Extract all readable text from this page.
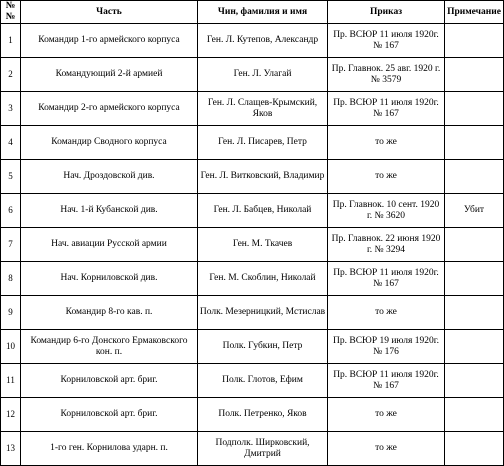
№№	Часть	Чин, фамилия и имя	Приказ	Примечание
1	Командир 1-го армейского корпуса	Ген. Л. Кутепов, Александр	Пр. ВСЮР 11 июля 1920г. № 167	
2	Командующий 2-й армией	Ген. Л. Улагай	Пр. Главнок. 25 авг. 1920 г. № 3579	
3	Командир 2-го армейского корпуса	Ген. Л. Слащев-Крымский, Яков	Пр. ВСЮР 11 июля 1920г. № 167	
4	Командир Сводного корпуса	Ген. Л. Писарев, Петр	то же	
5	Нач. Дроздовской див.	Ген. Л. Витковский, Владимир	то же	
6	Нач. 1-й Кубанской див.	Ген. Л. Бабцев, Николай	Пр. Главнок. 10 сент. 1920 г. № 3620	Убит
7	Нач. авиации Русской армии	Ген. М. Ткачев	Пр. Главнок. 22 июня 1920 г. № 3294	
8	Нач. Корниловской див.	Ген. М. Скоблин, Николай	Пр. ВСЮР 11 июля 1920г. № 167	
9	Командир 8-го кав. п.	Полк. Мезерницкий, Мстислав	то же	
10	Командир 6-го Донского Ермаковского кон. п.	Полк. Губкин, Петр	Пр. ВСЮР 19 июля 1920г. № 176	
11	Корниловской арт. бриг.	Полк. Глотов, Ефим	Пр. ВСЮР 11 июля 1920г. № 167	
12	Корниловской арт. бриг.	Полк. Петренко, Яков	то же	
13	1-го ген. Корнилова ударн. п.	Подполк. Ширковский, Дмитрий	то же	
